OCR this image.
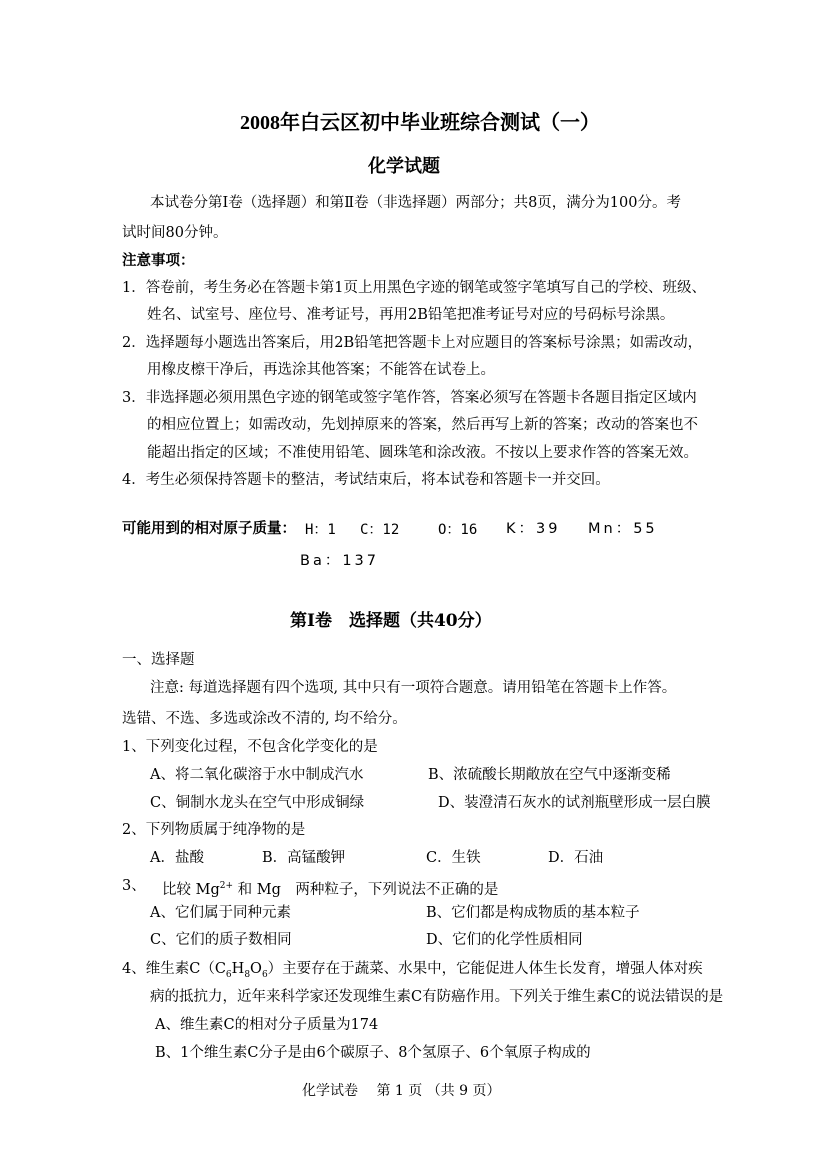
2008年白云区初中毕业班综合测试（一）
化学试题
本试卷分第Ⅰ卷（选择题）和第Ⅱ卷（非选择题）两部分；共8页，满分为100分。考
试时间80分钟。
注意事项：
1．答卷前，考生务必在答题卡第1页上用黑色字迹的钢笔或签字笔填写自己的学校、班级、
姓名、试室号、座位号、准考证号，再用2B铅笔把准考证号对应的号码标号涂黑。
2．选择题每小题选出答案后，用2B铅笔把答题卡上对应题目的答案标号涂黑；如需改动，
用橡皮檫干净后，再选涂其他答案；不能答在试卷上。
3．非选择题必须用黑色字迹的钢笔或签字笔作答，答案必须写在答题卡各题目指定区域内
的相应位置上；如需改动，先划掉原来的答案，然后再写上新的答案；改动的答案也不
能超出指定的区域；不准使用铅笔、圆珠笔和涂改液。不按以上要求作答的答案无效。
4．考生必须保持答题卡的整洁，考试结束后，将本试卷和答题卡一并交回。
可能用到的相对原子质量： H：1 C：12	O：16 K：39 Mn：55
Ba：137
第Ⅰ卷　选择题（共40分）
一、选择题
注意: 每道选择题有四个选项, 其中只有一项符合题意。请用铅笔在答题卡上作答。
选错、不选、多选或涂改不清的, 均不给分。
1、下列变化过程，不包含化学变化的是
A、将二氧化碳溶于水中制成汽水	B、浓硫酸长期敞放在空气中逐渐变稀
C、铜制水龙头在空气中形成铜绿	D、装澄清石灰水的试剂瓶壁形成一层白膜
2、下列物质属于纯净物的是
A．盐酸	B．高锰酸钾	C．生铁	D．石油
3、 比较 $Mg^{2+}$ 和 Mg　两种粒子，下列说法不正确的是
A、它们属于同种元素	B、它们都是构成物质的基本粒子
C、它们的质子数相同	D、它们的化学性质相同
4、维生素$C(C_6H_8O_6)$主要存在于蔬菜、水果中，它能促进人体生长发育，增强人体对疾
病的抵抗力，近年来科学家还发现维生素C有防癌作用。下列关于维生素C的说法错误的是
A、维生素C的相对分子质量为174
B、1个维生素C分子是由6个碳原子、8个氢原子、6个氧原子构成的
化学试卷　 第 1 页 （共 9 页）
